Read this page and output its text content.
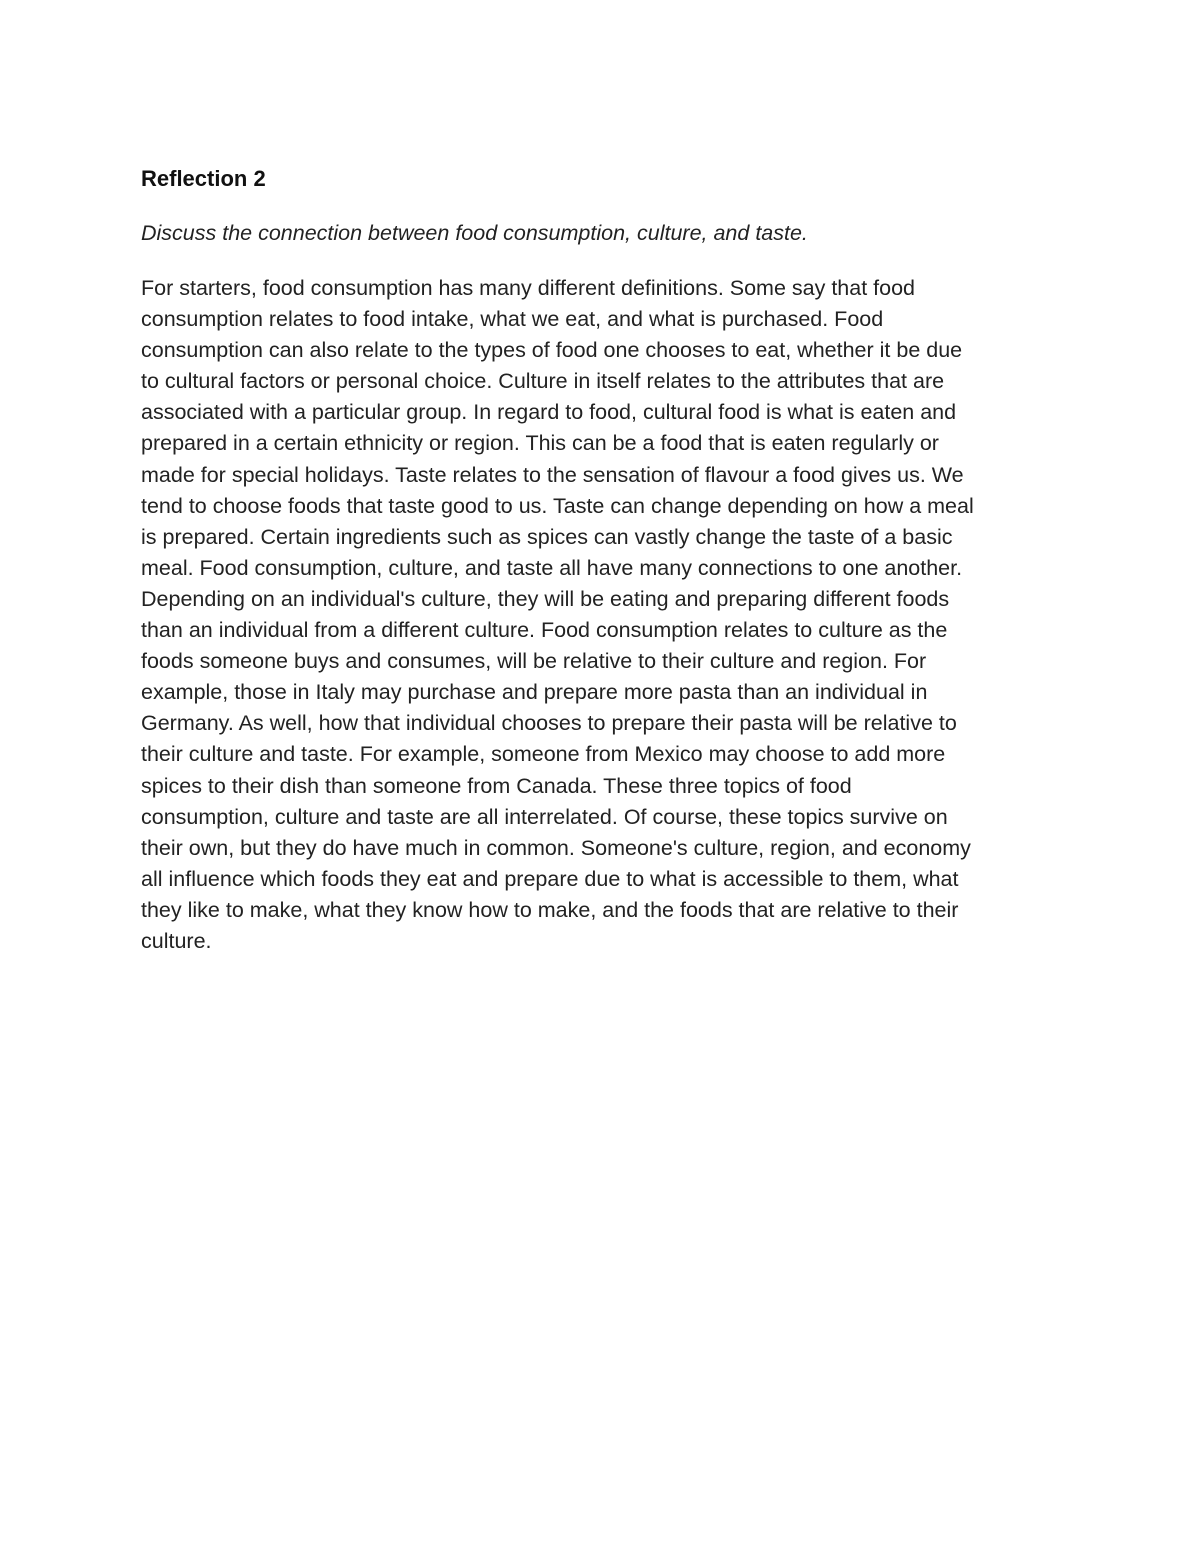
Reflection 2
Discuss the connection between food consumption, culture, and taste.

For starters, food consumption has many different definitions. Some say that food
consumption relates to food intake, what we eat, and what is purchased. Food
consumption can also relate to the types of food one chooses to eat, whether it be due
to cultural factors or personal choice. Culture in itself relates to the attributes that are
associated with a particular group. In regard to food, cultural food is what is eaten and
prepared in a certain ethnicity or region. This can be a food that is eaten regularly or
made for special holidays. Taste relates to the sensation of flavour a food gives us. We
tend to choose foods that taste good to us. Taste can change depending on how a meal
is prepared. Certain ingredients such as spices can vastly change the taste of a basic
meal. Food consumption, culture, and taste all have many connections to one another.
Depending on an individual's culture, they will be eating and preparing different foods
than an individual from a different culture. Food consumption relates to culture as the
foods someone buys and consumes, will be relative to their culture and region. For
example, those in Italy may purchase and prepare more pasta than an individual in
Germany. As well, how that individual chooses to prepare their pasta will be relative to
their culture and taste. For example, someone from Mexico may choose to add more
spices to their dish than someone from Canada. These three topics of food
consumption, culture and taste are all interrelated. Of course, these topics survive on
their own, but they do have much in common. Someone's culture, region, and economy
all influence which foods they eat and prepare due to what is accessible to them, what
they like to make, what they know how to make, and the foods that are relative to their
culture.
